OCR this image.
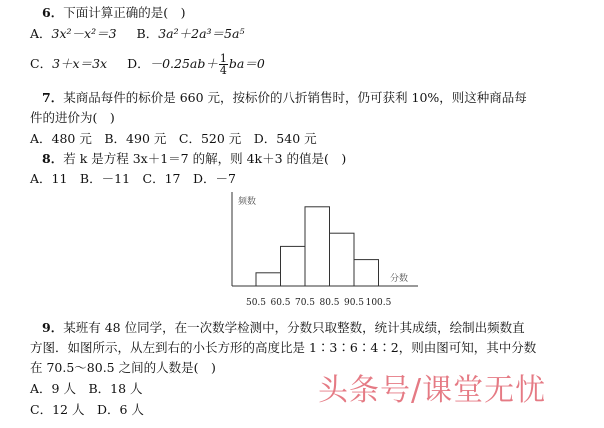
6．下面计算正确的是(　)
A．3x²－x²＝3 B．3a²＋2a³＝5a⁵
C．3＋x＝3x D．$-0.25ab+ \frac{1}{4} ba=0$
7．某商品每件的标价是 660 元，按标价的八折销售时，仍可获利 10%，则这种商品每
件的进价为(　)
A．480 元　B．490 元　C．520 元　D．540 元
8．若 k 是方程 3x＋1＝7 的解，则 4k＋3 的值是(　)
A．11　B．－11　C．17　D．－7
频数
分数
50.5 60.5 70.5 80.5 90.5 100.5
9．某班有 48 位同学，在一次数学检测中，分数只取整数，统计其成绩，绘制出频数直
方图．如图所示，从左到右的小长方形的高度比是 1∶3∶6∶4∶2，则由图可知，其中分数
在 70.5～80.5 之间的人数是(　)
A．9 人　B．18 人
C．12 人　D．6 人
头条号/课堂无忧
